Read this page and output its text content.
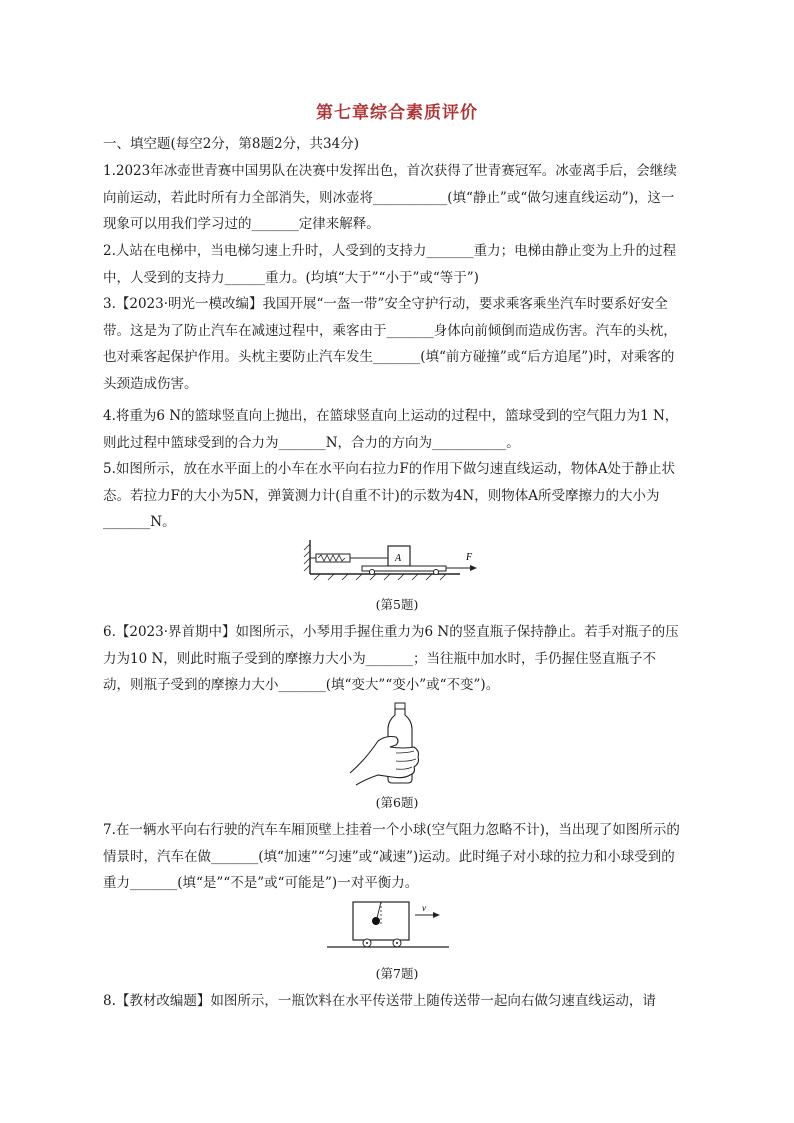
第七章综合素质评价
一、填空题(每空2分，第8题2分，共34分)

1.2023年冰壶世青赛中国男队在决赛中发挥出色，首次获得了世青赛冠军。冰壶离手后，会继续向前运动，若此时所有力全部消失，则冰壶将___________(填“静止”或“做匀速直线运动”)，这一现象可以用我们学习过的_______定律来解释。

2.人站在电梯中，当电梯匀速上升时，人受到的支持力_______重力；电梯由静止变为上升的过程中，人受到的支持力______重力。(均填“大于”“小于”或“等于”)

3.【2023·明光一模改编】我国开展“一盔一带”安全守护行动，要求乘客乘坐汽车时要系好安全带。这是为了防止汽车在减速过程中，乘客由于_______身体向前倾倒而造成伤害。汽车的头枕，也对乘客起保护作用。头枕主要防止汽车发生_______(填“前方碰撞”或“后方追尾”)时，对乘客的头颈造成伤害。

4.将重为6 N的篮球竖直向上抛出，在篮球竖直向上运动的过程中，篮球受到的空气阻力为1 N，则此过程中篮球受到的合力为_______N，合力的方向为___________。

5.如图所示，放在水平面上的小车在水平向右拉力F的作用下做匀速直线运动，物体A处于静止状态。若拉力F的大小为5N，弹簧测力计(自重不计)的示数为4N，则物体A所受摩擦力的大小为_______N。

A	F
(第5题)

6.【2023·界首期中】如图所示，小琴用手握住重力为6 N的竖直瓶子保持静止。若手对瓶子的压力为10 N，则此时瓶子受到的摩擦力大小为_______；当往瓶中加水时，手仍握住竖直瓶子不动，则瓶子受到的摩擦力大小_______(填“变大”“变小”或“不变”)。

(第6题)

7.在一辆水平向右行驶的汽车车厢顶壁上挂着一个小球(空气阻力忽略不计)，当出现了如图所示的情景时，汽车在做_______(填“加速”“匀速”或“减速”)运动。此时绳子对小球的拉力和小球受到的重力_______(填“是”“不是”或“可能是”)一对平衡力。

v
(第7题)

8.【教材改编题】如图所示，一瓶饮料在水平传送带上随传送带一起向右做匀速直线运动，请
